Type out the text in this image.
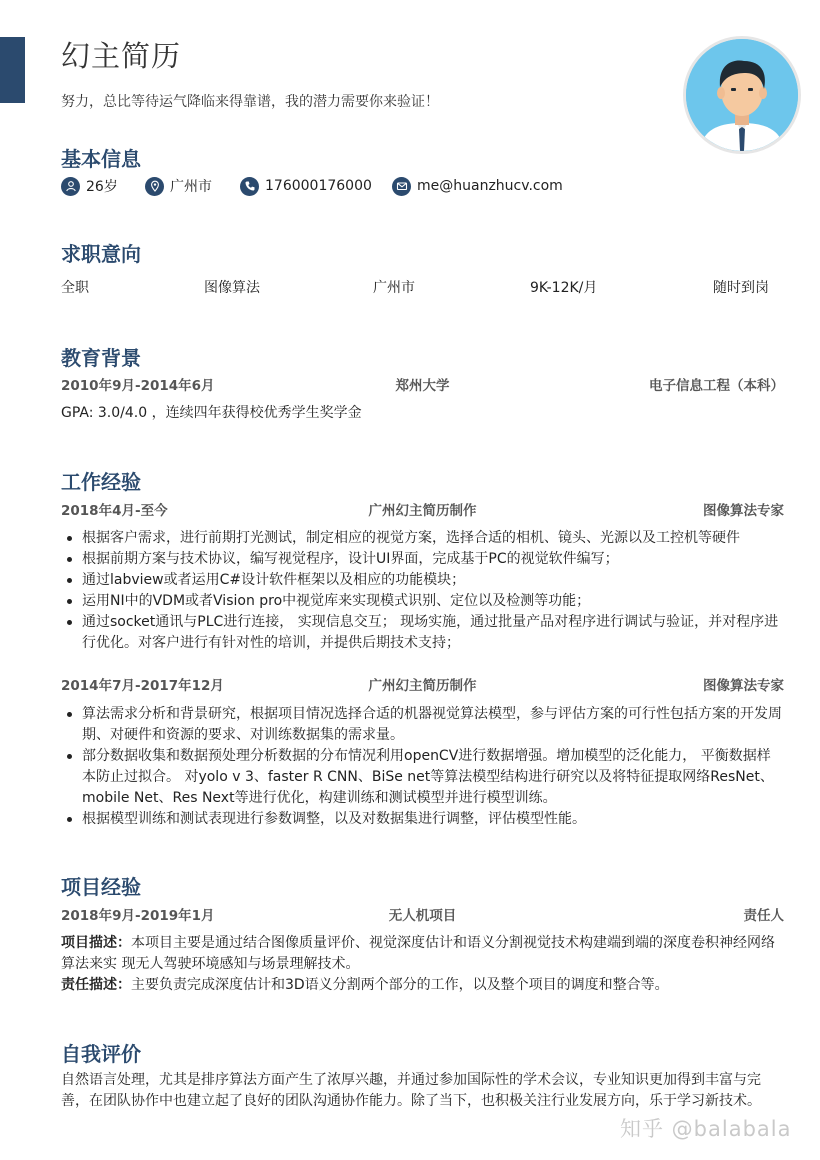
幻主简历
努力，总比等待运气降临来得靠谱，我的潜力需要你来验证！
基本信息
26岁	广州市	176000176000	me@huanzhucv.com
求职意向
全职	图像算法	广州市	9K-12K/月	随时到岗
教育背景
2010年9月-2014年6月	郑州大学	电子信息工程（本科）
GPA: 3.0/4.0 ，连续四年获得校优秀学生奖学金
工作经验
2018年4月-至今	广州幻主简历制作	图像算法专家
根据客户需求，进行前期打光测试，制定相应的视觉方案，选择合适的相机、镜头、光源以及工控机等硬件
根据前期方案与技术协议，编写视觉程序，设计UI界面，完成基于PC的视觉软件编写；
通过labview或者运用C#设计软件框架以及相应的功能模块；
运用NI中的VDM或者Vision pro中视觉库来实现模式识别、定位以及检测等功能；
通过socket通讯与PLC进行连接， 实现信息交互； 现场实施，通过批量产品对程序进行调试与验证，并对程序进行优化。对客户进行有针对性的培训，并提供后期技术支持；
2014年7月-2017年12月	广州幻主简历制作	图像算法专家
算法需求分析和背景研究，根据项目情况选择合适的机器视觉算法模型，参与评估方案的可行性包括方案的开发周期、对硬件和资源的要求、对训练数据集的需求量。
部分数据收集和数据预处理分析数据的分布情况利用openCV进行数据增强。增加模型的泛化能力， 平衡数据样本防止过拟合。 对yolo v 3、faster R CNN、BiSe net等算法模型结构进行研究以及将特征提取网络ResNet、mobile Net、Res Next等进行优化，构建训练和测试模型并进行模型训练。
根据模型训练和测试表现进行参数调整，以及对数据集进行调整，评估模型性能。
项目经验
2018年9月-2019年1月	无人机项目	责任人
项目描述：本项目主要是通过结合图像质量评价、视觉深度估计和语义分割视觉技术构建端到端的深度卷积神经网络算法来实 现无人驾驶环境感知与场景理解技术。
责任描述：主要负责完成深度估计和3D语义分割两个部分的工作，以及整个项目的调度和整合等。
自我评价
自然语言处理，尤其是排序算法方面产生了浓厚兴趣，并通过参加国际性的学术会议，专业知识更加得到丰富与完善，在团队协作中也建立起了良好的团队沟通协作能力。除了当下，也积极关注行业发展方向，乐于学习新技术。
知乎 @balabala
